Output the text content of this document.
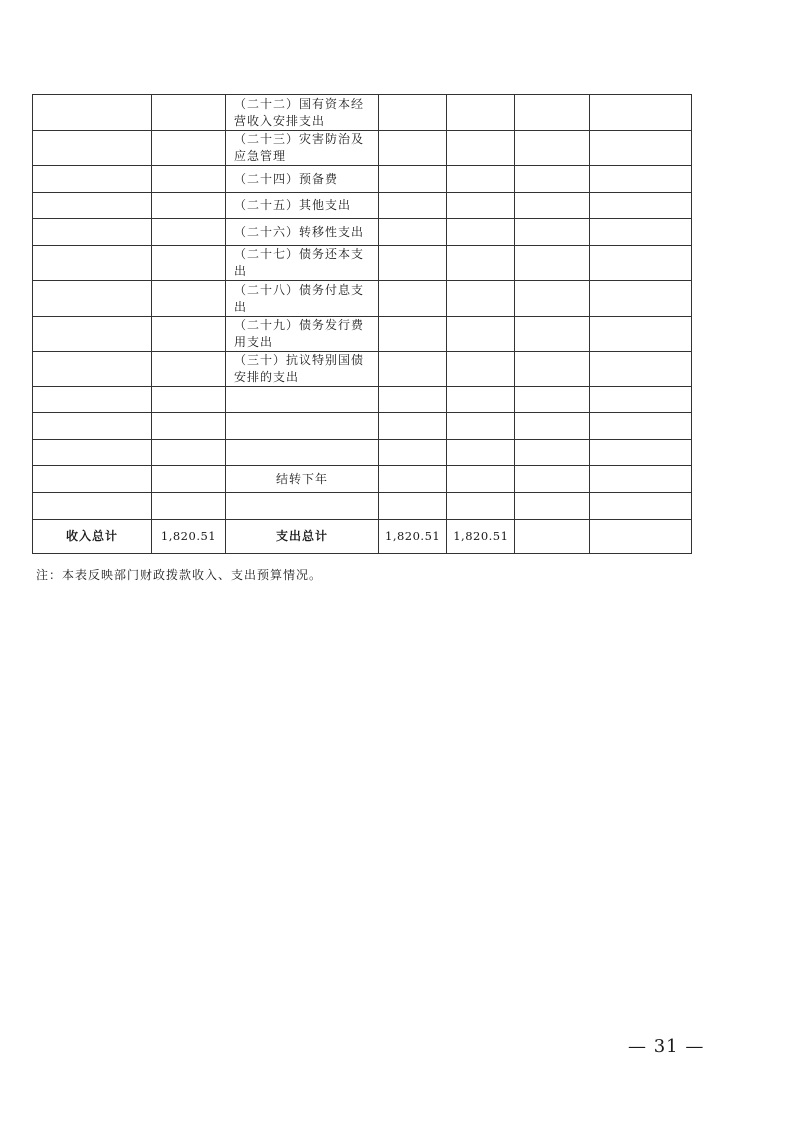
		（二十二）国有资本经营收入安排支出				
		（二十三）灾害防治及应急管理				
		（二十四）预备费				
		（二十五）其他支出				
		（二十六）转移性支出				
		（二十七）债务还本支出				
		（二十八）债务付息支出				
		（二十九）债务发行费用支出				
		（三十）抗议特别国债安排的支出				

		结转下年				

收入总计	1,820.51	支出总计	1,820.51	1,820.51		
注：本表反映部门财政拨款收入、支出预算情况。
— 31 —
